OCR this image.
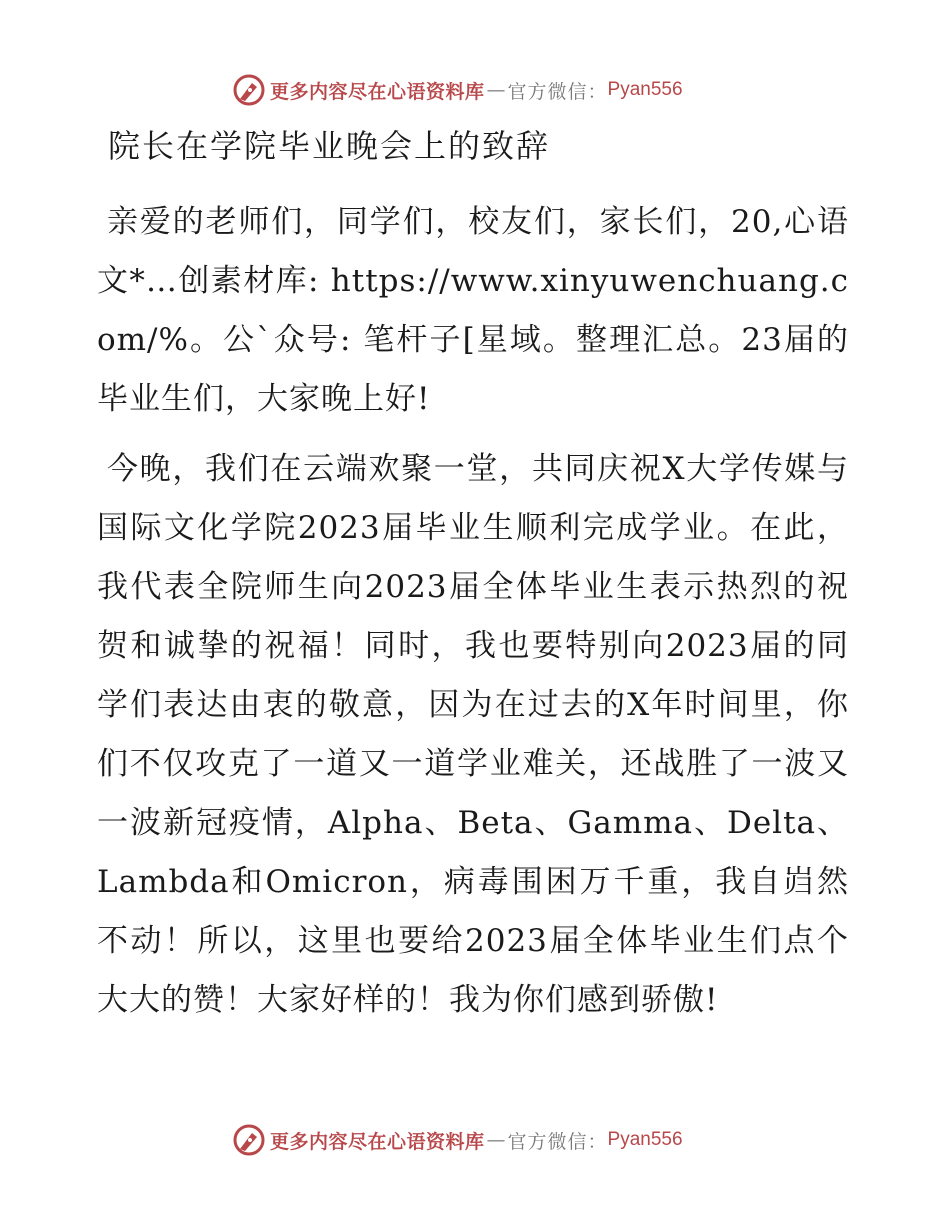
更多内容尽在心语资料库 — 官方微信： Pyan556
院长在学院毕业晚会上的致辞

亲爱的老师们，同学们，校友们，家长们，20,心语文*…创素材库: https://www.xinyuwenchuang.com/%。公`众号: 笔杆子[星域。整理汇总。23届的毕业生们，大家晚上好!

今晚，我们在云端欢聚一堂，共同庆祝X大学传媒与国际文化学院2023届毕业生顺利完成学业。在此，我代表全院师生向2023届全体毕业生表示热烈的祝贺和诚挚的祝福！同时，我也要特别向2023届的同学们表达由衷的敬意，因为在过去的X年时间里，你们不仅攻克了一道又一道学业难关，还战胜了一波又一波新冠疫情，Alpha、Beta、Gamma、Delta、Lambda和Omicron，病毒围困万千重，我自岿然不动！所以，这里也要给2023届全体毕业生们点个大大的赞！大家好样的！我为你们感到骄傲!

更多内容尽在心语资料库 — 官方微信： Pyan556
